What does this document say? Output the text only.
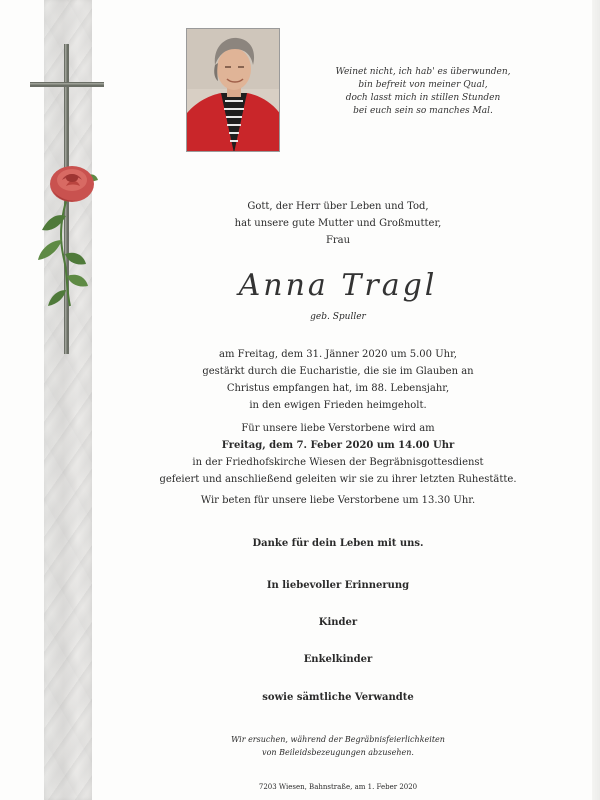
Weinet nicht, ich hab' es überwunden,
bin befreit von meiner Qual,
doch lasst mich in stillen Stunden
bei euch sein so manches Mal.
Gott, der Herr über Leben und Tod,
hat unsere gute Mutter und Großmutter,
Frau
Anna Tragl
geb. Spuller
am Freitag, dem 31. Jänner 2020 um 5.00 Uhr,
gestärkt durch die Eucharistie, die sie im Glauben an
Christus empfangen hat, im 88. Lebensjahr,
in den ewigen Frieden heimgeholt.
Für unsere liebe Verstorbene wird am
Freitag, dem 7. Feber 2020 um 14.00 Uhr
in der Friedhofskirche Wiesen der Begräbnisgottesdienst
gefeiert und anschließend geleiten wir sie zu ihrer letzten Ruhestätte.
Wir beten für unsere liebe Verstorbene um 13.30 Uhr.
Danke für dein Leben mit uns.
In liebevoller Erinnerung
Kinder
Enkelkinder
sowie sämtliche Verwandte
Wir ersuchen, während der Begräbnisfeierlichkeiten
von Beileidsbezeugungen abzusehen.
7203 Wiesen, Bahnstraße, am 1. Feber 2020
